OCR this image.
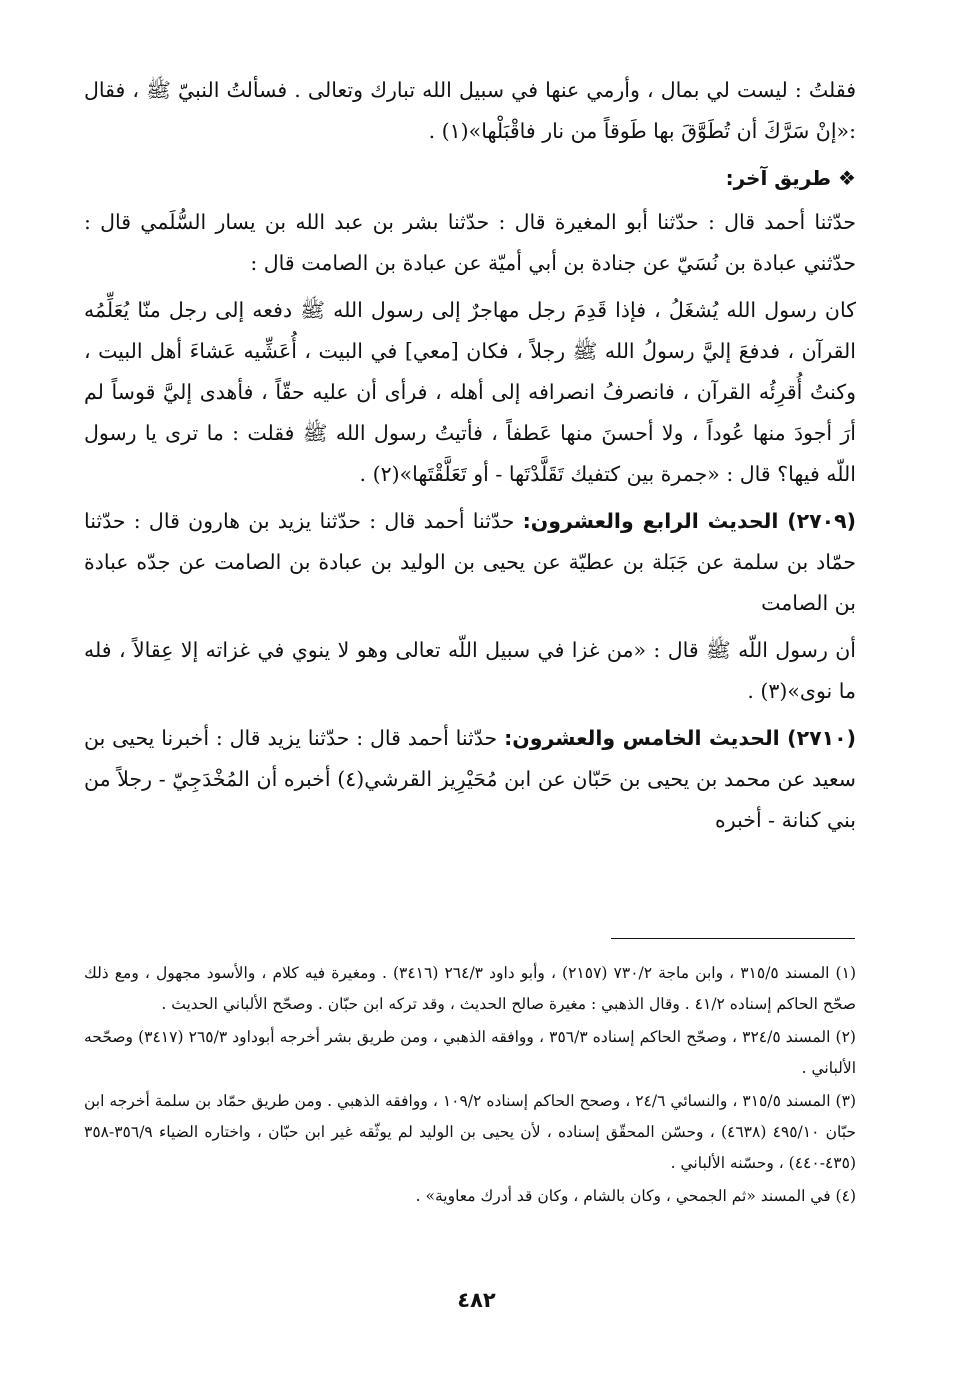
فقلتُ : ليست لي بمال ، وأرمي عنها في سبيل الله تبارك وتعالى . فسألتُ النبيّ ﷺ ، فقال :«إنْ سَرَّكَ أن تُطَوَّقَ بها طَوقاً من نار فاقْبَلْها»(١) .

❖ طريق آخر:

حدّثنا أحمد قال : حدّثنا أبو المغيرة قال : حدّثنا بشر بن عبد الله بن يسار السُّلَمي قال : حدّثني عبادة بن نُسَيّ عن جنادة بن أبي أميّة عن عبادة بن الصامت قال :

كان رسول الله يُشغَلُ ، فإذا قَدِمَ رجل مهاجرٌ إلى رسول الله ﷺ دفعه إلى رجل منّا يُعَلِّمُه القرآن ، فدفعَ إليَّ رسولُ الله ﷺ رجلاً ، فكان [معي] في البيت ، أُعَشِّيه عَشاءَ أهل البيت ، وكنتُ أُقرِئُه القرآن ، فانصرفُ انصرافه إلى أهله ، فرأى أن عليه حقّاً ، فأهدى إليَّ قوساً لم أرَ أجودَ منها عُوداً ، ولا أحسنَ منها عَطفاً ، فأتيتُ رسول الله ﷺ فقلت : ما ترى يا رسول اللّه فيها؟ قال : «جمرة بين كتفيك تَقَلَّدْتَها - أو تَعَلَّقْتَها»(٢) .

(٢٧٠٩) الحديث الرابع والعشرون: حدّثنا أحمد قال : حدّثنا يزيد بن هارون قال : حدّثنا حمّاد بن سلمة عن جَبَلة بن عطيّة عن يحيى بن الوليد بن عبادة بن الصامت عن جدّه عبادة بن الصامت

أن رسول اللّه ﷺ قال : «من غزا في سبيل اللّه تعالى وهو لا ينوي في غزاته إلا عِقالاً ، فله ما نوى»(٣) .

(٢٧١٠) الحديث الخامس والعشرون: حدّثنا أحمد قال : حدّثنا يزيد قال : أخبرنا يحيى بن سعيد عن محمد بن يحيى بن حَبّان عن ابن مُحَيْرِيز القرشي(٤) أخبره أن المُخْدَجِيّ - رجلاً من بني كنانة - أخبره

(١) المسند ٣١٥/٥ ، وابن ماجة ٧٣٠/٢ (٢١٥٧) ، وأبو داود ٢٦٤/٣ (٣٤١٦) . ومغيرة فيه كلام ، والأسود مجهول ، ومع ذلك صحّح الحاكم إسناده ٤١/٢ . وقال الذهبي : مغيرة صالح الحديث ، وقد تركه ابن حبّان . وصحّح الألباني الحديث .

(٢) المسند ٣٢٤/٥ ، وصحّح الحاكم إسناده ٣٥٦/٣ ، ووافقه الذهبي ، ومن طريق بشر أخرجه أبوداود ٢٦٥/٣ (٣٤١٧) وصحّحه الألباني .

(٣) المسند ٣١٥/٥ ، والنسائي ٢٤/٦ ، وصحح الحاكم إسناده ١٠٩/٢ ، ووافقه الذهبي . ومن طريق حمّاد بن سلمة أخرجه ابن حبّان ٤٩٥/١٠ (٤٦٣٨) ، وحسّن المحقّق إسناده ، لأن يحيى بن الوليد لم يوثّقه غير ابن حبّان ، واختاره الضياء ٣٥٦/٩-٣٥٨ (٤٣٥-٤٤٠) ، وحسّنه الألباني .

(٤) في المسند «ثم الجمحي ، وكان بالشام ، وكان قد أدرك معاوية» .

٤٨٢
